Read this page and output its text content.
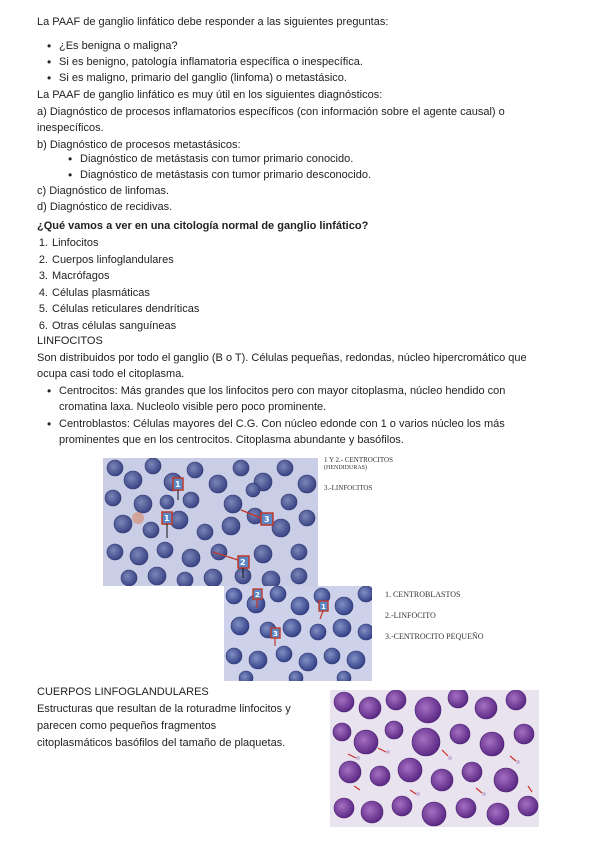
La PAAF de ganglio linfático debe responder a las siguientes preguntas:
• ¿Es benigna o maligna?
• Si es benigno, patología inflamatoria específica o inespecífica.
• Si es maligno, primario del ganglio (linfoma) o metastásico.
La PAAF de ganglio linfático es muy útil en los siguientes diagnósticos:
a) Diagnóstico de procesos inflamatorios específicos (con información sobre el agente causal) o
inespecíficos.
b) Diagnóstico de procesos metastásicos:
• Diagnóstico de metástasis con tumor primario conocido.
• Diagnóstico de metástasis con tumor primario desconocido.
c) Diagnóstico de linfomas.
d) Diagnóstico de recidivas.
¿Qué vamos a ver en una citología normal de ganglio linfático?
1. Linfocitos
2. Cuerpos linfoglandulares
3. Macrófagos
4. Células plasmáticas
5. Células reticulares dendríticas
6. Otras células sanguíneas
LINFOCITOS
Son distribuidos por todo el ganglio (B o T). Células pequeñas, redondas, núcleo hipercromático que
ocupa casi todo el citoplasma.
• Centrocitos: Más grandes que los linfocitos pero con mayor citoplasma, núcleo hendido con
cromatina laxa. Nucleolo visible pero poco prominente.
• Centroblastos: Células mayores del C.G. Con núcleo edonde con 1 o varios núcleo los más
prominentes que en los centrocitos. Citoplasma abundante y basófilos.
1
1	3
2
1 Y 2.- CENTROCITOS
(HENDIDURAS)
3.-LINFOCITOS
2
1
3
1. CENTROBLASTOS
2.-LINFOCITO
3.-CENTROCITO PEQUEÑO
CUERPOS LINFOGLANDULARES
Estructuras que resultan de la roturadme linfocitos y
parecen como pequeños fragmentos
citoplasmáticos basófilos del tamaño de plaquetas.
